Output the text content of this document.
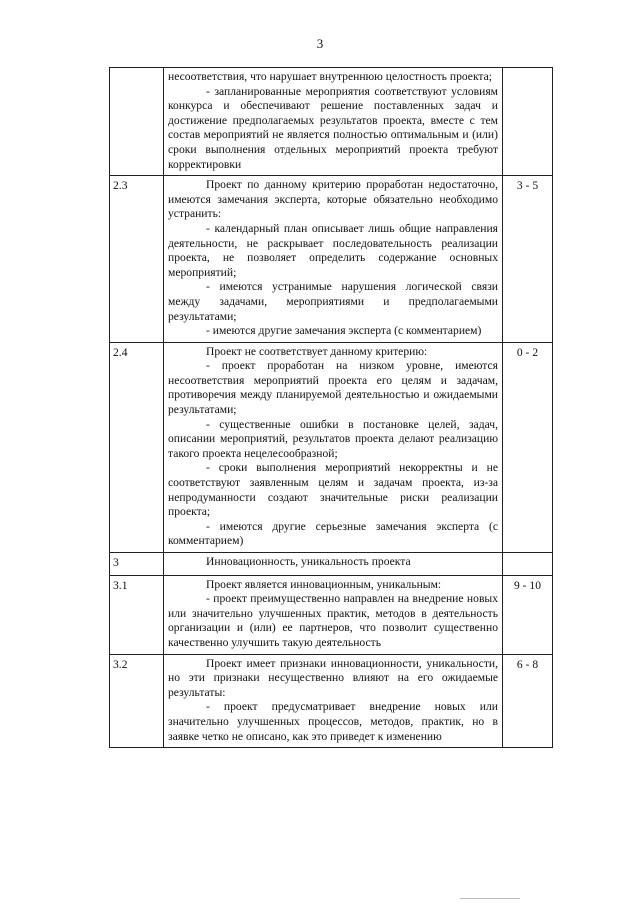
3

	несоответствия, что нарушает внутреннюю целостность проекта;

- запланированные мероприятия соответствуют условиям конкурса и обеспечивают решение поставленных задач и достижение предполагаемых результатов проекта, вместе с тем состав мероприятий не является полностью оптимальным и (или) сроки выполнения отдельных мероприятий проекта требуют корректировки	

2.3	Проект по данному критерию проработан недостаточно, имеются замечания эксперта, которые обязательно необходимо устранить:

- календарный план описывает лишь общие направления деятельности, не раскрывает последовательность реализации проекта, не позволяет определить содержание основных мероприятий;

- имеются устранимые нарушения логической связи между задачами, мероприятиями и предполагаемыми результатами;

- имеются другие замечания эксперта (с комментарием)	3 - 5
2.4	Проект не соответствует данному критерию:

- проект проработан на низком уровне, имеются несоответствия мероприятий проекта его целям и задачам, противоречия между планируемой деятельностью и ожидаемыми результатами;

- существенные ошибки в постановке целей, задач, описании мероприятий, результатов проекта делают реализацию такого проекта нецелесообразной;

- сроки выполнения мероприятий некорректны и не соответствуют заявленным целям и задачам проекта, из-за непродуманности создают значительные риски реализации проекта;

- имеются другие серьезные замечания эксперта (с комментарием)	0 - 2
3	Инновационность, уникальность проекта	

3.1	Проект является инновационным, уникальным:

- проект преимущественно направлен на внедрение новых или значительно улучшенных практик, методов в деятельность организации и (или) ее партнеров, что позволит существенно качественно улучшить такую деятельность	9 - 10
3.2	Проект имеет признаки инновационности, уникальности, но эти признаки несущественно влияют на его ожидаемые результаты:

- проект предусматривает внедрение новых или значительно улучшенных процессов, методов, практик, но в заявке четко не описано, как это приведет к изменению	6 - 8
